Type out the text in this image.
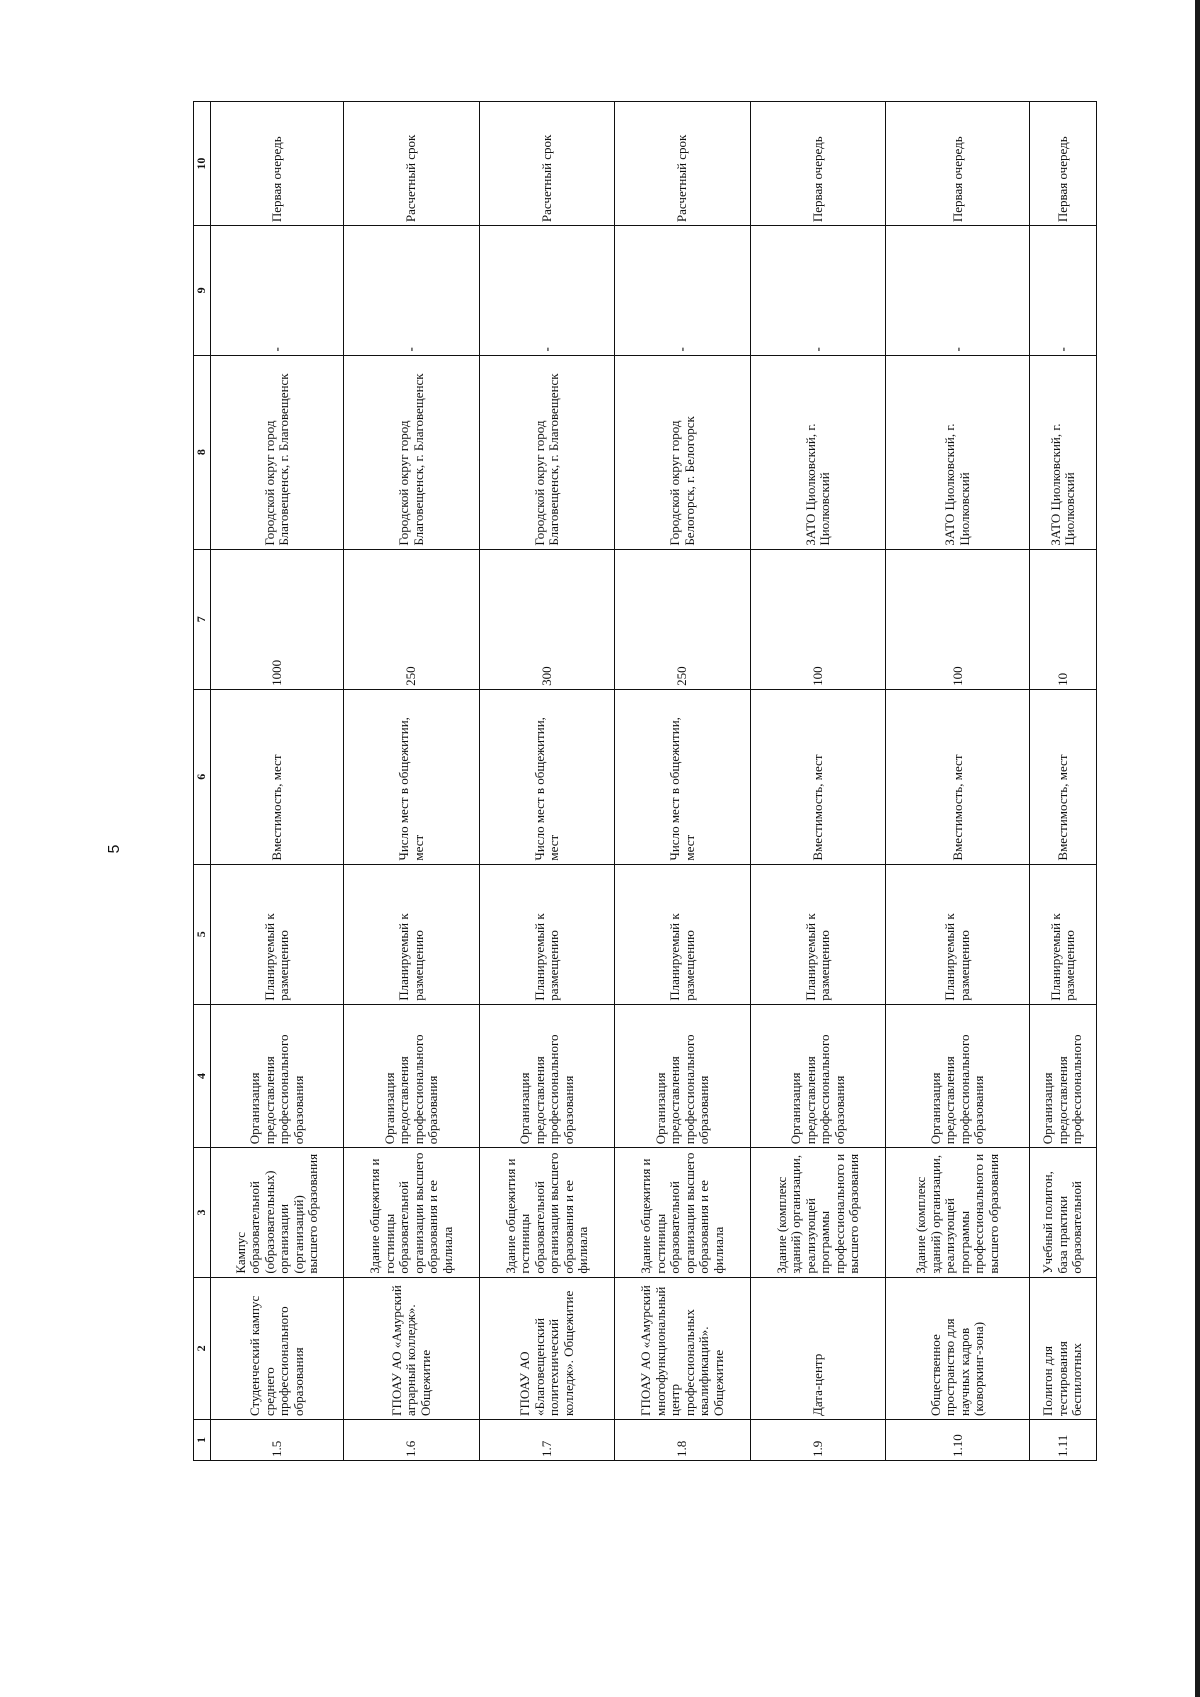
5
1	2	3	4	5	6	7	8	9	10
1.5	Студенческий кампус среднего профессионального образования	Кампус образовательной (образовательных) организации (организаций) высшего образования	Организация предоставления профессионального образования	Планируемый к размещению	Вместимость, мест	1000	Городской округ город Благовещенск, г. Благовещенск	-	Первая очередь
1.6	ГПОАУ АО «Амурский аграрный колледж». Общежитие	Здание общежития и гостиницы образовательной организации высшего образования и ее филиала	Организация предоставления профессионального образования	Планируемый к размещению	Число мест в общежитии, мест	250	Городской округ город Благовещенск, г. Благовещенск	-	Расчетный срок
1.7	ГПОАУ АО «Благовещенский политехнический колледж». Общежитие	Здание общежития и гостиницы образовательной организации высшего образования и ее филиала	Организация предоставления профессионального образования	Планируемый к размещению	Число мест в общежитии, мест	300	Городской округ город Благовещенск, г. Благовещенск	-	Расчетный срок
1.8	ГПОАУ АО «Амурский многофункциональный центр профессиональных квалификаций». Общежитие	Здание общежития и гостиницы образовательной организации высшего образования и ее филиала	Организация предоставления профессионального образования	Планируемый к размещению	Число мест в общежитии, мест	250	Городской округ город Белогорск, г. Белогорск	-	Расчетный срок
1.9	Дата-центр	Здание (комплекс зданий) организации, реализующей программы профессионального и высшего образования	Организация предоставления профессионального образования	Планируемый к размещению	Вместимость, мест	100	ЗАТО Циолковский, г. Циолковский	-	Первая очередь
1.10	Общественное пространство для научных кадров (коворкинг-зона)	Здание (комплекс зданий) организации, реализующей программы профессионального и высшего образования	Организация предоставления профессионального образования	Планируемый к размещению	Вместимость, мест	100	ЗАТО Циолковский, г. Циолковский	-	Первая очередь
1.11	Полигон для тестирования беспилотных	Учебный полигон, база практики образовательной	Организация предоставления профессионального	Планируемый к размещению	Вместимость, мест	10	ЗАТО Циолковский, г. Циолковский	-	Первая очередь
